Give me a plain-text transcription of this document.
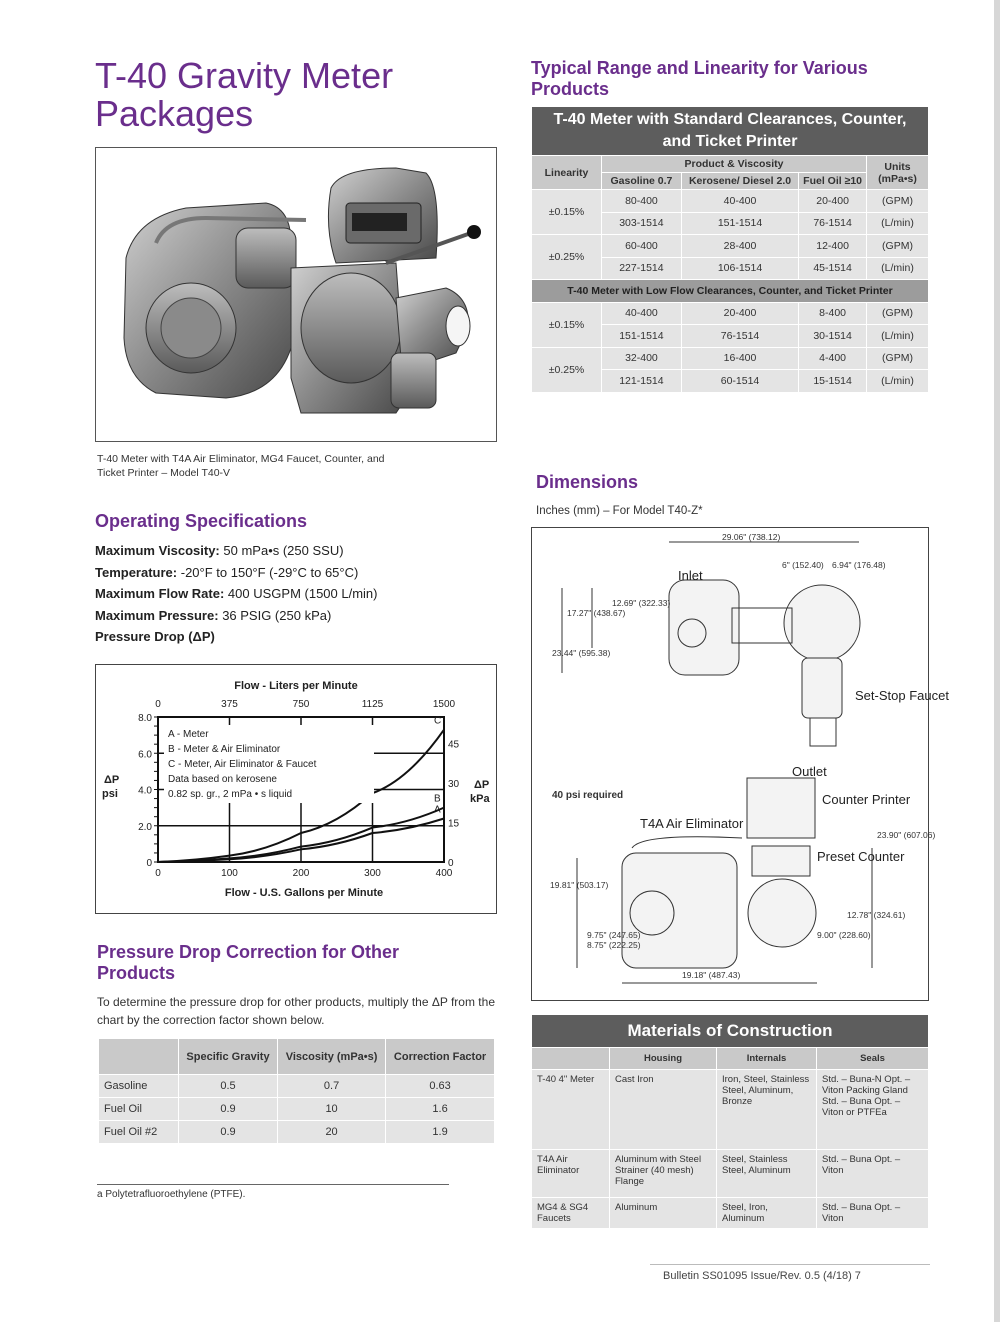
T-40 Gravity Meter Packages
T-40 Meter with T4A Air Eliminator, MG4 Faucet, Counter, and Ticket Printer – Model T40-V
Operating Specifications
Maximum Viscosity: 50 mPa•s (250 SSU)
Temperature: -20°F to 150°F (-29°C to 65°C)
Maximum Flow Rate: 400 USGPM (1500 L/min)
Maximum Pressure: 36 PSIG (250 kPa)
Pressure Drop (ΔP)
Flow - Liters per Minute
Flow - U.S. Gallons per Minute
ΔP psi
ΔP kPa
0	100	200	300	400
0	375	750	1125	1500
0
2.0
4.0
6.0
8.0
0
15
30
45
A
B
C
A - Meter
B - Meter & Air Eliminator
C - Meter, Air Eliminator & Faucet
Data based on kerosene
0.82 sp. gr., 2 mPa • s liquid
Pressure Drop Correction for Other Products
To determine the pressure drop for other products, multiply the ΔP from the chart by the correction factor shown below.
	Specific Gravity	Viscosity (mPa•s)	Correction Factor
Gasoline	0.5	0.7	0.63
Fuel Oil	0.9	10	1.6
Fuel Oil #2	0.9	20	1.9
a Polytetrafluoroethylene (PTFE).
Typical Range and Linearity for Various Products
T-40 Meter with Standard Clearances, Counter, and Ticket Printer				
Linearity	Product & Viscosity			Units (mPa•s)
	Gasoline 0.7	Kerosene/ Diesel 2.0	Fuel Oil ≥10	
±0.15%	80-400	40-400	20-400	(GPM)
	303-1514	151-1514	76-1514	(L/min)
±0.25%	60-400	28-400	12-400	(GPM)
	227-1514	106-1514	45-1514	(L/min)
T-40 Meter with Low Flow Clearances, Counter, and Ticket Printer				
±0.15%	40-400	20-400	8-400	(GPM)
	151-1514	76-1514	30-1514	(L/min)
±0.25%	32-400	16-400	4-400	(GPM)
	121-1514	60-1514	15-1514	(L/min)
Dimensions
Inches (mm) – For Model T40-Z*
Inlet
Set-Stop Faucet
Outlet
Counter Printer
Preset Counter
T4A Air Eliminator
40 psi required
29.06" (738.12)
6" (152.40) 6.94" (176.48)
17.27" (438.67)
12.69" (322.33)
23.44" (595.38)
19.81" (503.17)
9.75" (247.65)
19.18" (487.43)
23.90" (607.06)
12.78" (324.61)
9.00" (228.60)
8.75" (222.25)
Materials of Construction			
	Housing	Internals	Seals
T-40 4" Meter	Cast Iron	Iron, Steel, Stainless Steel, Aluminum, Bronze	Std. – Buna-N Opt. – Viton Packing Gland Std. – Buna Opt. – Viton or PTFEa
T4A Air Eliminator	Aluminum with Steel Strainer (40 mesh) Flange	Steel, Stainless Steel, Aluminum	Std. – Buna Opt. – Viton
MG4 & SG4 Faucets	Aluminum	Steel, Iron, Aluminum	Std. – Buna Opt. – Viton
Bulletin SS01095 Issue/Rev. 0.5 (4/18) 7
